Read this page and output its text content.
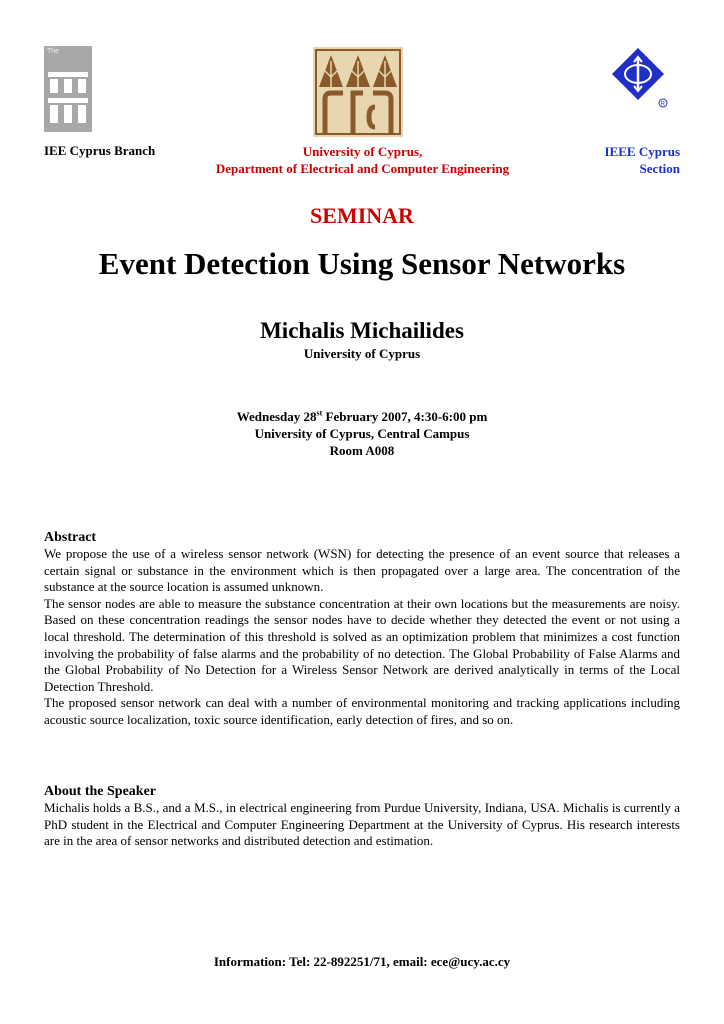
The
R
IEE Cyprus Branch	University of Cyprus,
Department of Electrical and Computer Engineering
IEEE Cyprus
Section
SEMINAR
Event Detection Using Sensor Networks
Michalis Michailides
University of Cyprus
Wednesday 28st February 2007, 4:30-6:00 pm
University of Cyprus, Central Campus
Room A008
Abstract

We propose the use of a wireless sensor network (WSN) for detecting the presence of an event source that releases a certain signal or substance in the environment which is then propagated over a large area. The concentration of the substance at the source location is assumed unknown.

The sensor nodes are able to measure the substance concentration at their own locations but the measurements are noisy. Based on these concentration readings the sensor nodes have to decide whether they detected the event or not using a local threshold. The determination of this threshold is solved as an optimization problem that minimizes a cost function involving the probability of false alarms and the probability of no detection. The Global Probability of False Alarms and the Global Probability of No Detection for a Wireless Sensor Network are derived analytically in terms of the Local Detection Threshold.

The proposed sensor network can deal with a number of environmental monitoring and tracking applications including acoustic source localization, toxic source identification, early detection of fires, and so on.

About the Speaker
Michalis holds a B.S., and a M.S., in electrical engineering from Purdue University, Indiana, USA. Michalis is currently a PhD student in the Electrical and Computer Engineering Department at the University of Cyprus. His research interests are in the area of sensor networks and distributed detection and estimation.
Information: Tel: 22-892251/71, email: ece@ucy.ac.cy
